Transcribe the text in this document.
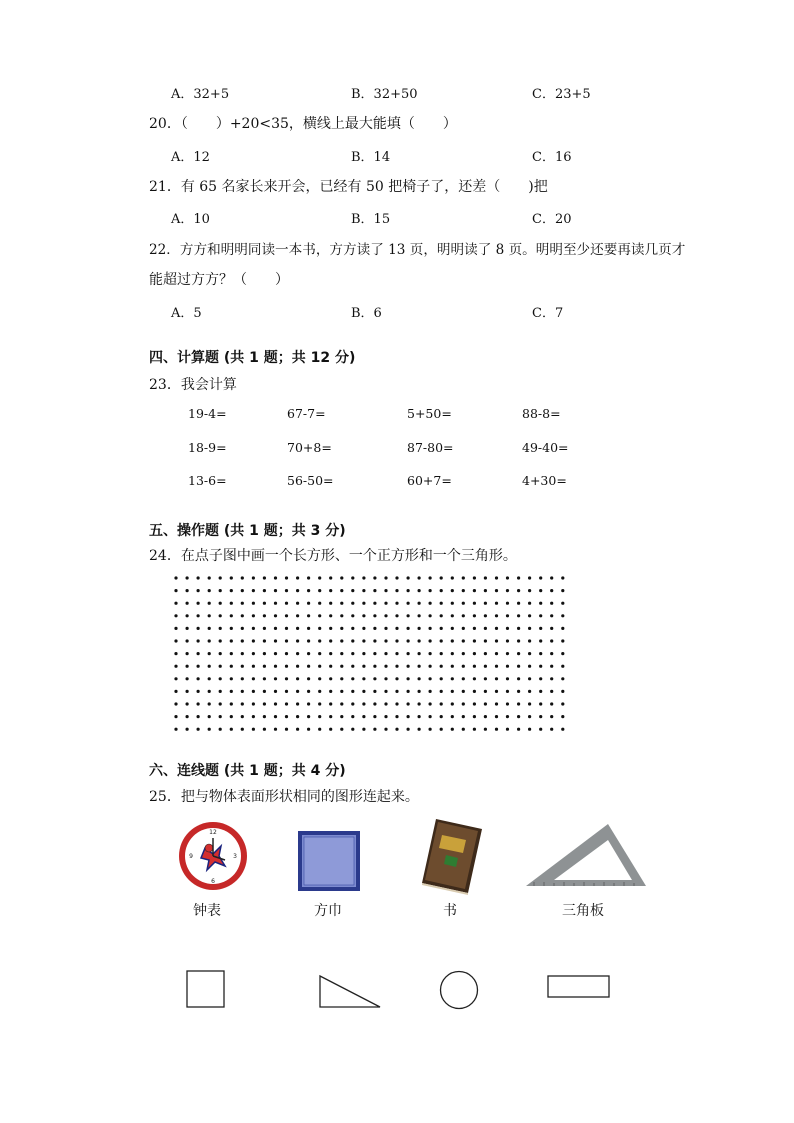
A．32+5	B．32+50	C．23+5
20．（　　）+20<35，横线上最大能填（　　）
A．12	B．14	C．16
21．有 65 名家长来开会，已经有 50 把椅子了，还差（　　)把
A．10	B．15	C．20
22．方方和明明同读一本书，方方读了 13 页，明明读了 8 页。明明至少还要再读几页才
能超过方方？（　　）
A．5	B．6	C．7
四、计算题 (共 1 题；共 12 分)
23．我会计算
19-4=	67-7=	5+50=	88-8=
18-9=	70+8=	87-80=	49-40=
13-6=	56-50=	60+7=	4+30=
五、操作题 (共 1 题；共 3 分)
24．在点子图中画一个长方形、一个正方形和一个三角形。
六、连线题 (共 1 题；共 4 分)
25．把与物体表面形状相同的图形连起来。
12
3
6
9
钟表	方巾	书	三角板
